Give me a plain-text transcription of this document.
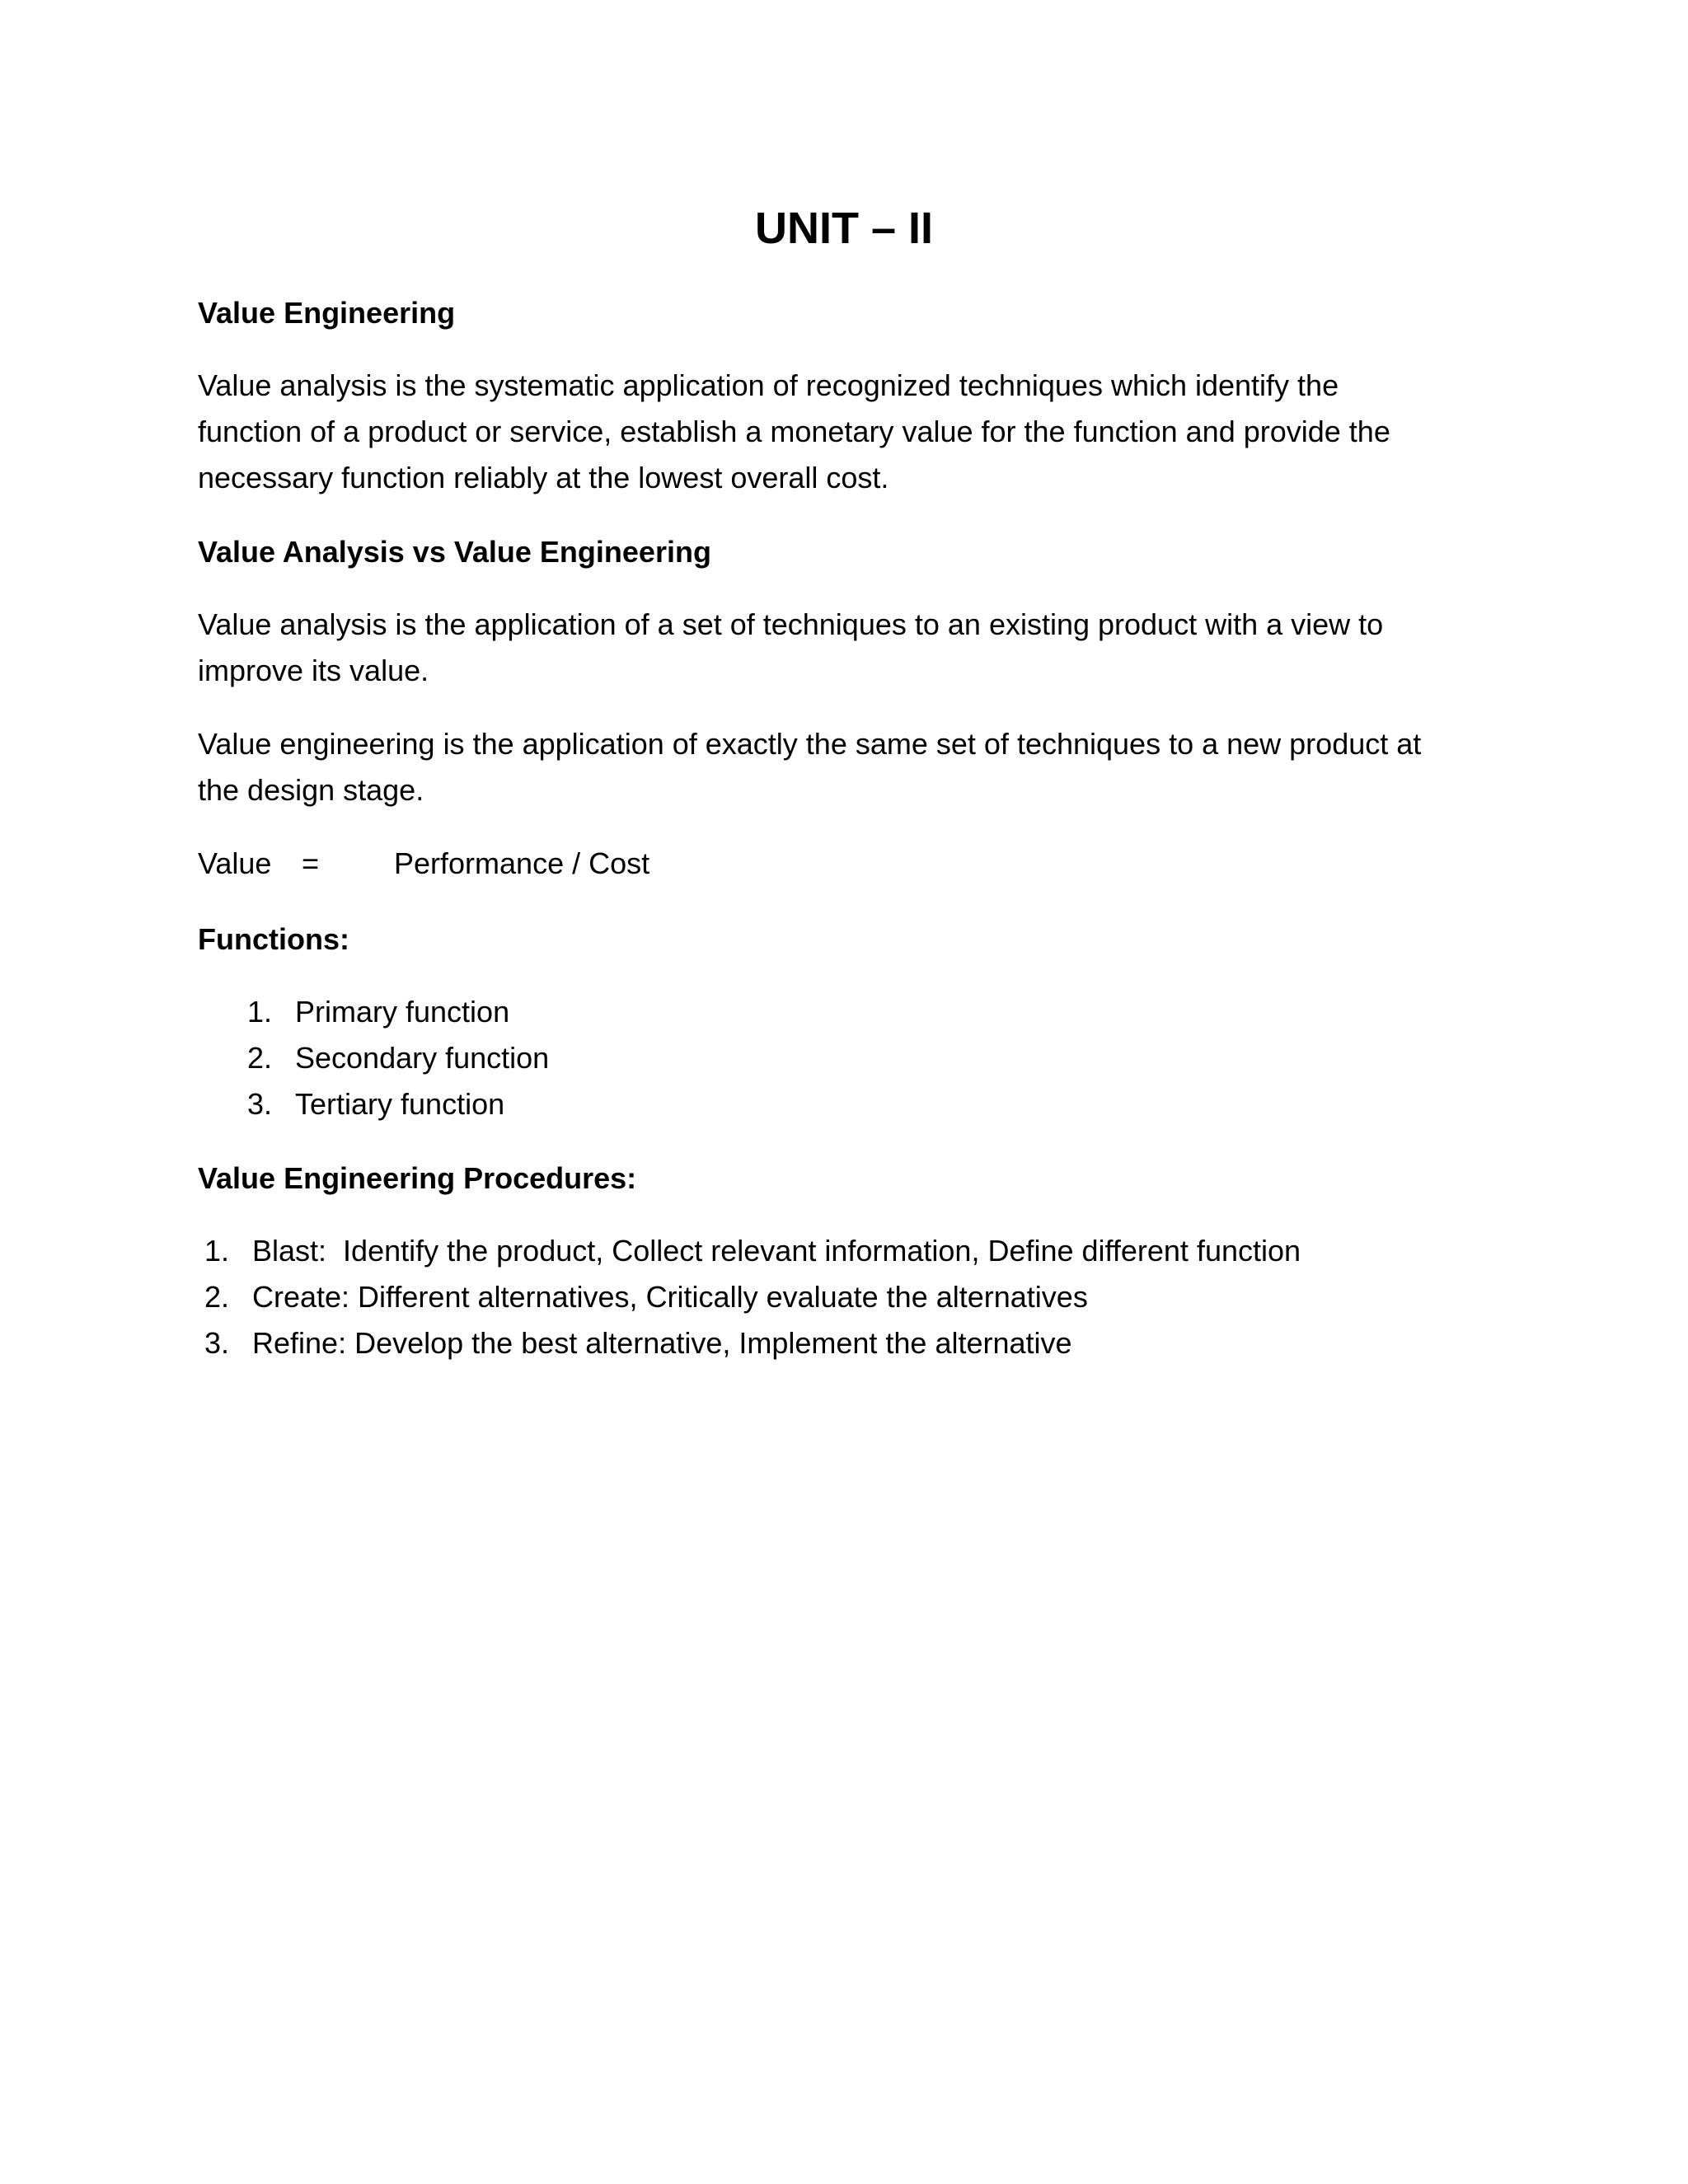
UNIT – II
Value Engineering
Value analysis is the systematic application of recognized techniques which identify the
function of a product or service, establish a monetary value for the function and provide the
necessary function reliably at the lowest overall cost.
Value Analysis vs Value Engineering
Value analysis is the application of a set of techniques to an existing product with a view to
improve its value.
Value engineering is the application of exactly the same set of techniques to a new product at
the design stage.
Value =	Performance / Cost
Functions:
1. Primary function
2. Secondary function
3. Tertiary function
Value Engineering Procedures:
1. Blast:  Identify the product, Collect relevant information, Define different function
2. Create: Different alternatives, Critically evaluate the alternatives
3. Refine: Develop the best alternative, Implement the alternative
